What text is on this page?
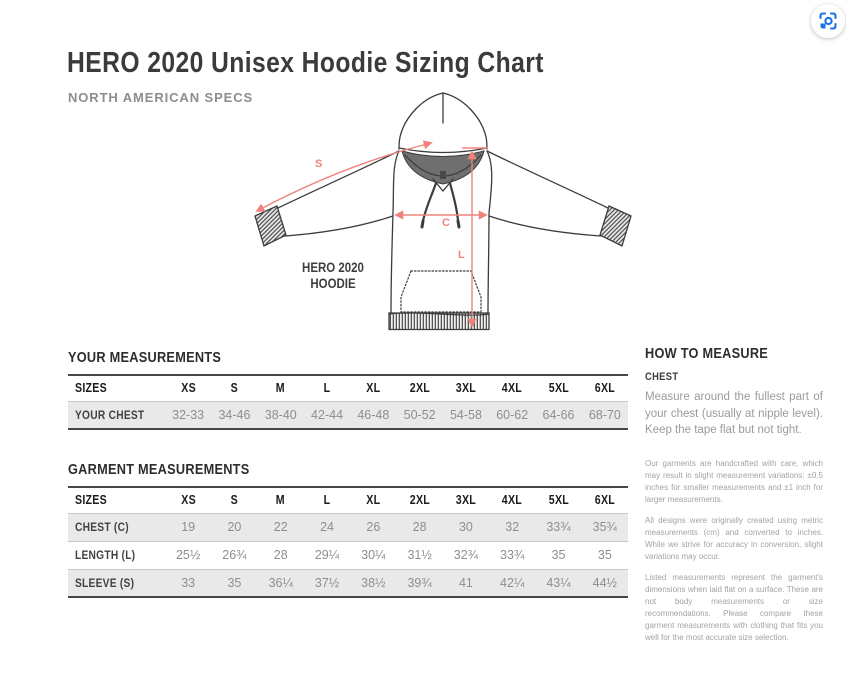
HERO 2020 Unisex Hoodie Sizing Chart
NORTH AMERICAN SPECS
S
C
L
HERO 2020
HOODIE
YOUR MEASUREMENTS
SIZES	XS	S	M	L	XL	2XL	3XL	4XL	5XL	6XL
YOUR CHEST	32-33	34-46	38-40	42-44	46-48	50-52	54-58	60-62	64-66	68-70
GARMENT MEASUREMENTS
SIZES	XS	S	M	L	XL	2XL	3XL	4XL	5XL	6XL
CHEST (C)	19	20	22	24	26	28	30	32	33¾	35¾
LENGTH (L)	25½	26¾	28	29¼	30¼	31½	32¾	33¾	35	35
SLEEVE (S)	33	35	36¼	37½	38½	39¾	41	42¼	43¼	44½
HOW TO MEASURE
CHEST

Measure around the fullest part of your chest (usually at nipple level). Keep the tape flat but not tight.

Our garments are handcrafted with care, which may result in slight measurement variations: ±0.5 inches for smaller measurements and ±1 inch for larger measurements.

All designs were originally created using metric measurements (cm) and converted to inches. While we strive for accuracy in conversion, slight variations may occur.

Listed measurements represent the garment's dimensions when laid flat on a surface. These are not body measurements or size recommendations. Please compare these garment measurements with clothing that fits you well for the most accurate size selection.
